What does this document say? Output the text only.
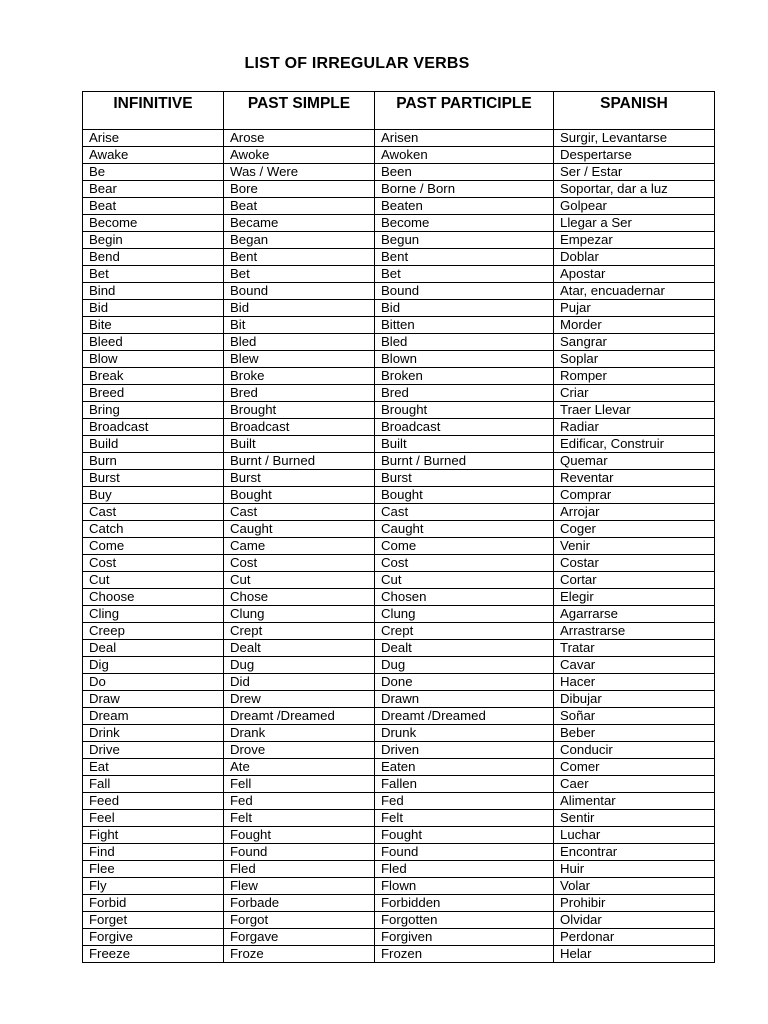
LIST OF IRREGULAR VERBS
INFINITIVE	PAST SIMPLE	PAST PARTICIPLE	SPANISH
Arise	Arose	Arisen	Surgir, Levantarse
Awake	Awoke	Awoken	Despertarse
Be	Was / Were	Been	Ser / Estar
Bear	Bore	Borne / Born	Soportar, dar a luz
Beat	Beat	Beaten	Golpear
Become	Became	Become	Llegar a Ser
Begin	Began	Begun	Empezar
Bend	Bent	Bent	Doblar
Bet	Bet	Bet	Apostar
Bind	Bound	Bound	Atar, encuadernar
Bid	Bid	Bid	Pujar
Bite	Bit	Bitten	Morder
Bleed	Bled	Bled	Sangrar
Blow	Blew	Blown	Soplar
Break	Broke	Broken	Romper
Breed	Bred	Bred	Criar
Bring	Brought	Brought	Traer Llevar
Broadcast	Broadcast	Broadcast	Radiar
Build	Built	Built	Edificar, Construir
Burn	Burnt / Burned	Burnt / Burned	Quemar
Burst	Burst	Burst	Reventar
Buy	Bought	Bought	Comprar
Cast	Cast	Cast	Arrojar
Catch	Caught	Caught	Coger
Come	Came	Come	Venir
Cost	Cost	Cost	Costar
Cut	Cut	Cut	Cortar
Choose	Chose	Chosen	Elegir
Cling	Clung	Clung	Agarrarse
Creep	Crept	Crept	Arrastrarse
Deal	Dealt	Dealt	Tratar
Dig	Dug	Dug	Cavar
Do	Did	Done	Hacer
Draw	Drew	Drawn	Dibujar
Dream	Dreamt /Dreamed	Dreamt /Dreamed	Soñar
Drink	Drank	Drunk	Beber
Drive	Drove	Driven	Conducir
Eat	Ate	Eaten	Comer
Fall	Fell	Fallen	Caer
Feed	Fed	Fed	Alimentar
Feel	Felt	Felt	Sentir
Fight	Fought	Fought	Luchar
Find	Found	Found	Encontrar
Flee	Fled	Fled	Huir
Fly	Flew	Flown	Volar
Forbid	Forbade	Forbidden	Prohibir
Forget	Forgot	Forgotten	Olvidar
Forgive	Forgave	Forgiven	Perdonar
Freeze	Froze	Frozen	Helar
